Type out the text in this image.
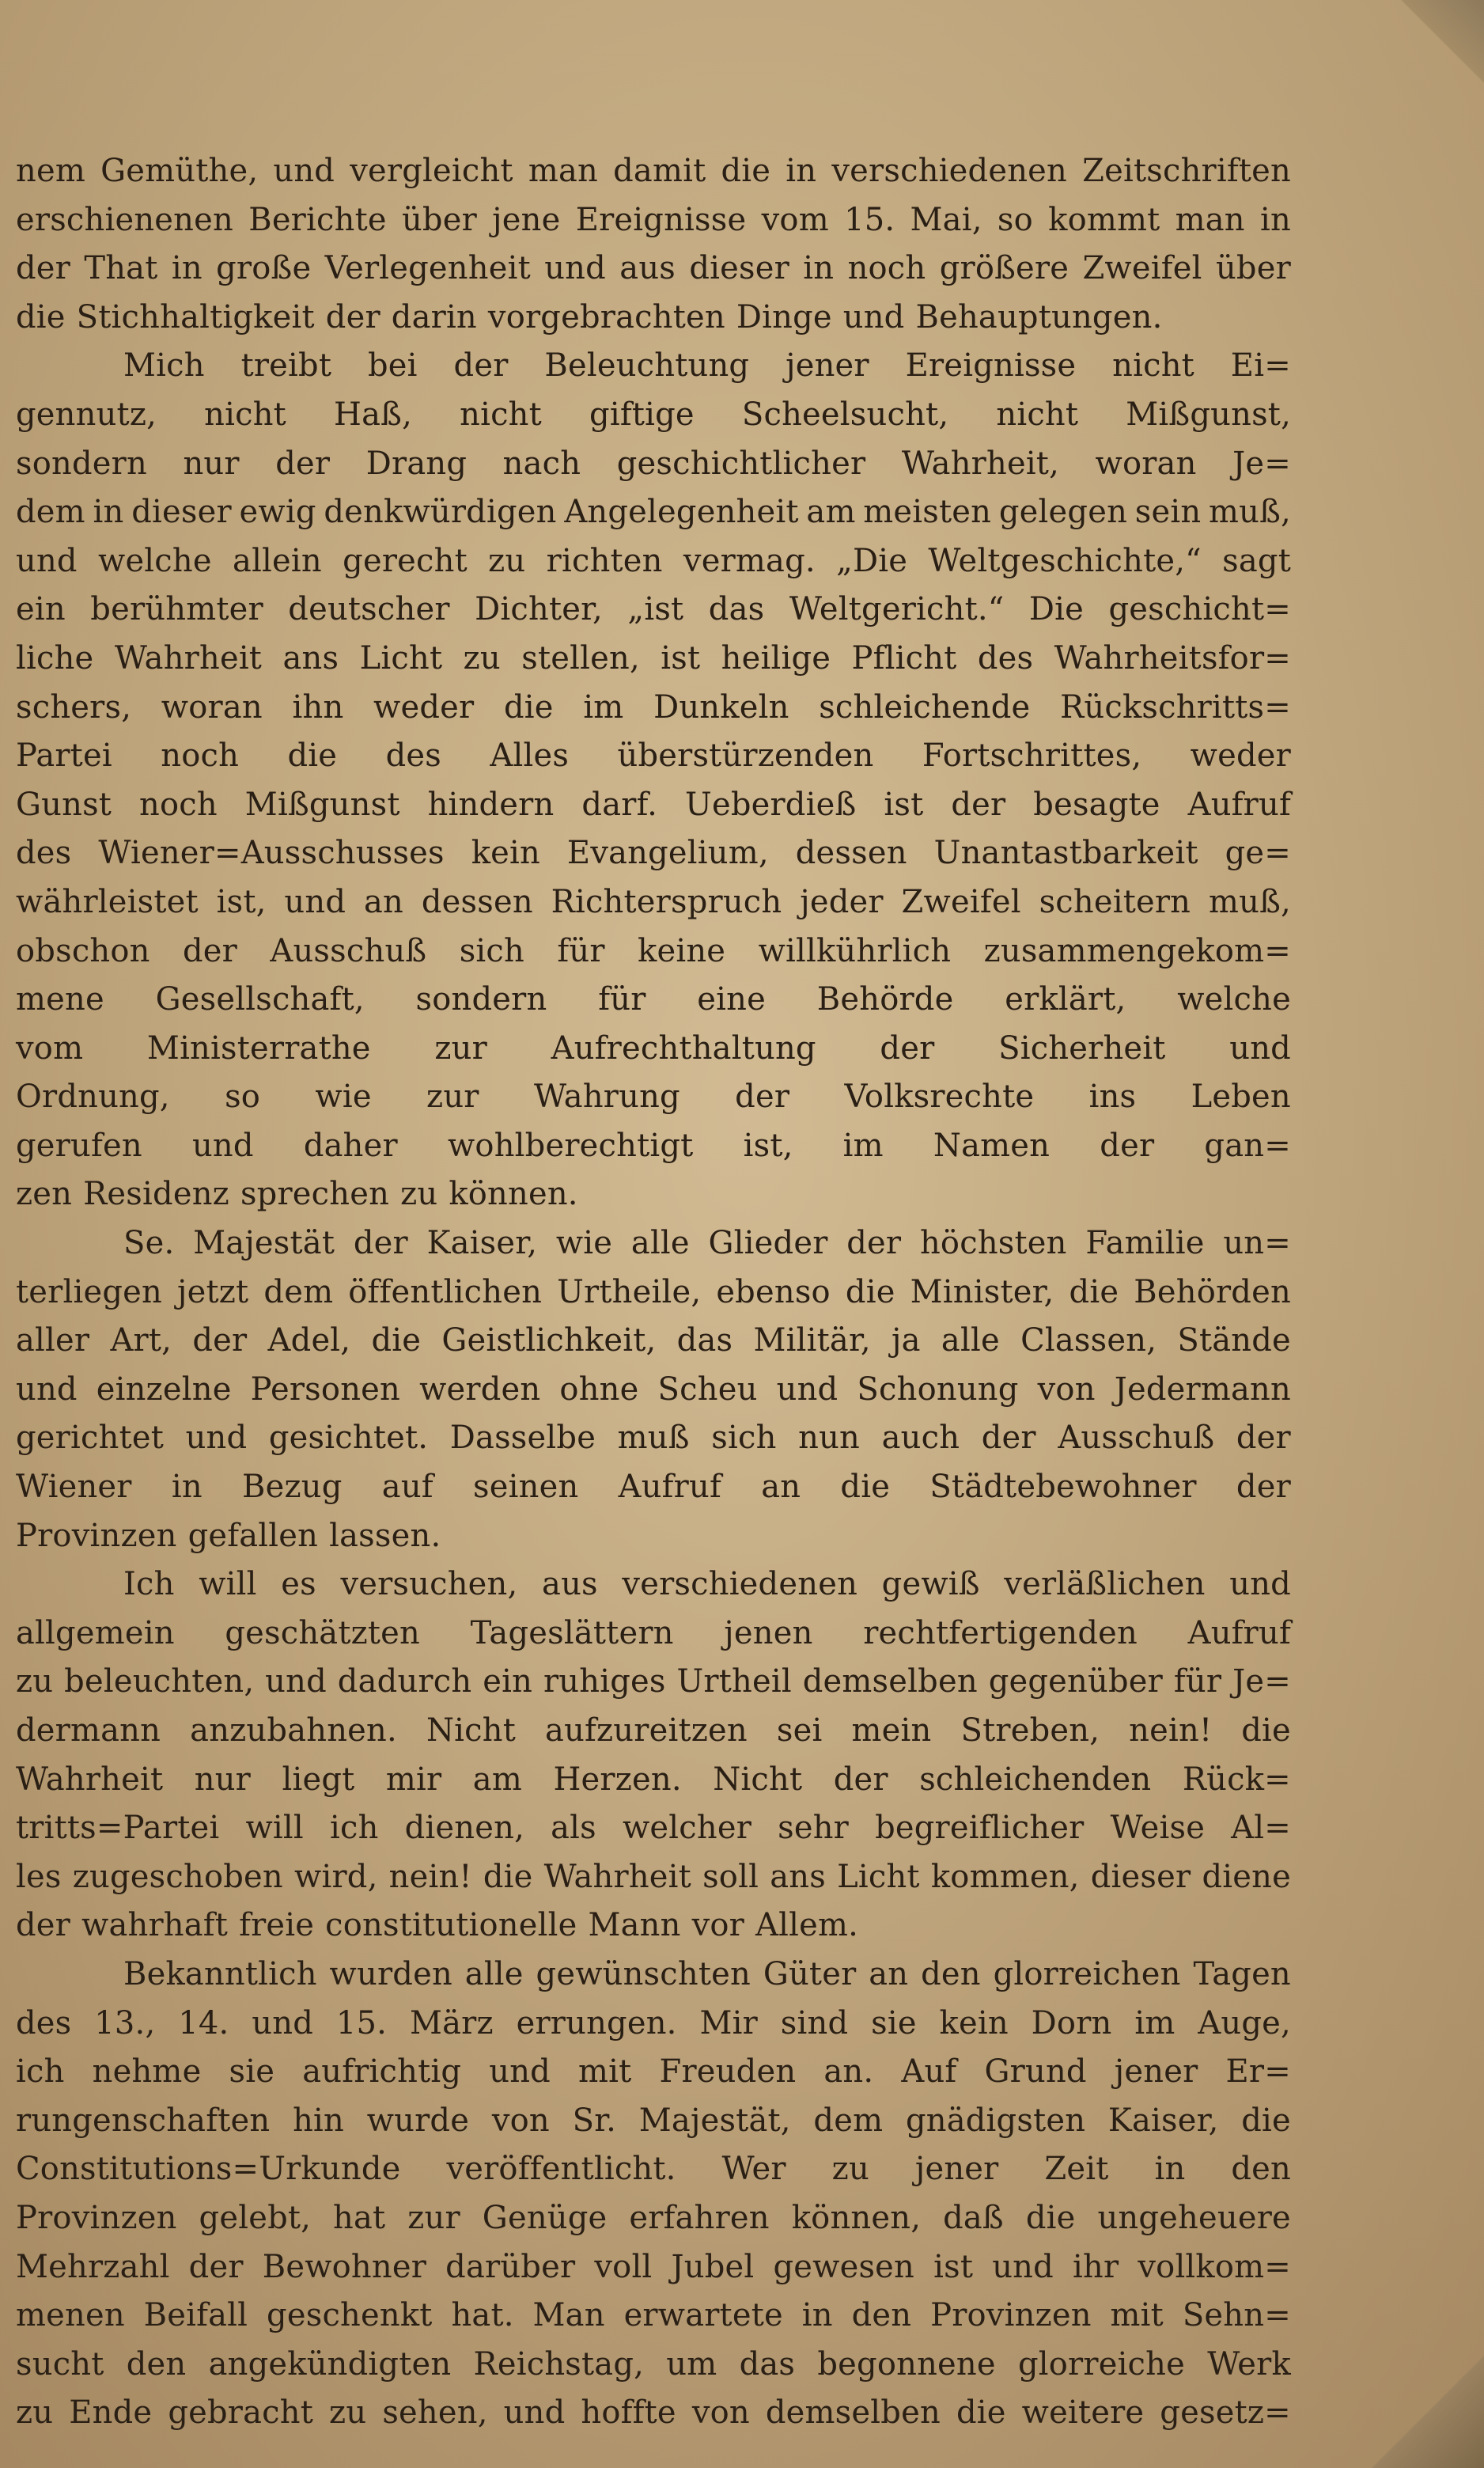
nem Gemüthe, und vergleicht man damit die in verschiedenen Zeitschriften
erschienenen Berichte über jene Ereignisse vom 15. Mai, so kommt man in
der That in große Verlegenheit und aus dieser in noch größere Zweifel über
die Stichhaltigkeit der darin vorgebrachten Dinge und Behauptungen.
Mich treibt bei der Beleuchtung jener Ereignisse nicht Ei=
gennutz, nicht Haß, nicht giftige Scheelsucht, nicht Mißgunst,
sondern nur der Drang nach geschichtlicher Wahrheit, woran Je=
dem in dieser ewig denkwürdigen Angelegenheit am meisten gelegen sein muß,
und welche allein gerecht zu richten vermag. „Die Weltgeschichte,“ sagt
ein berühmter deutscher Dichter, „ist das Weltgericht.“ Die geschicht=
liche Wahrheit ans Licht zu stellen, ist heilige Pflicht des Wahrheitsfor=
schers, woran ihn weder die im Dunkeln schleichende Rückschritts=
Partei noch die des Alles überstürzenden Fortschrittes, weder
Gunst noch Mißgunst hindern darf. Ueberdieß ist der besagte Aufruf
des Wiener=Ausschusses kein Evangelium, dessen Unantastbarkeit ge=
währleistet ist, und an dessen Richterspruch jeder Zweifel scheitern muß,
obschon der Ausschuß sich für keine willkührlich zusammengekom=
mene Gesellschaft, sondern für eine Behörde erklärt, welche
vom Ministerrathe zur Aufrechthaltung der Sicherheit und
Ordnung, so wie zur Wahrung der Volksrechte ins Leben
gerufen und daher wohlberechtigt ist, im Namen der gan=
zen Residenz sprechen zu können.
Se. Majestät der Kaiser, wie alle Glieder der höchsten Familie un=
terliegen jetzt dem öffentlichen Urtheile, ebenso die Minister, die Behörden
aller Art, der Adel, die Geistlichkeit, das Militär, ja alle Classen, Stände
und einzelne Personen werden ohne Scheu und Schonung von Jedermann
gerichtet und gesichtet. Dasselbe muß sich nun auch der Ausschuß der
Wiener in Bezug auf seinen Aufruf an die Städtebewohner der
Provinzen gefallen lassen.
Ich will es versuchen, aus verschiedenen gewiß verläßlichen und
allgemein geschätzten Tageslättern jenen rechtfertigenden Aufruf
zu beleuchten, und dadurch ein ruhiges Urtheil demselben gegenüber für Je=
dermann anzubahnen. Nicht aufzureitzen sei mein Streben, nein! die
Wahrheit nur liegt mir am Herzen. Nicht der schleichenden Rück=
tritts=Partei will ich dienen, als welcher sehr begreiflicher Weise Al=
les zugeschoben wird, nein! die Wahrheit soll ans Licht kommen, dieser diene
der wahrhaft freie constitutionelle Mann vor Allem.
Bekanntlich wurden alle gewünschten Güter an den glorreichen Tagen
des 13., 14. und 15. März errungen. Mir sind sie kein Dorn im Auge,
ich nehme sie aufrichtig und mit Freuden an. Auf Grund jener Er=
rungenschaften hin wurde von Sr. Majestät, dem gnädigsten Kaiser, die
Constitutions=Urkunde veröffentlicht. Wer zu jener Zeit in den
Provinzen gelebt, hat zur Genüge erfahren können, daß die ungeheuere
Mehrzahl der Bewohner darüber voll Jubel gewesen ist und ihr vollkom=
menen Beifall geschenkt hat. Man erwartete in den Provinzen mit Sehn=
sucht den angekündigten Reichstag, um das begonnene glorreiche Werk
zu Ende gebracht zu sehen, und hoffte von demselben die weitere gesetz=
